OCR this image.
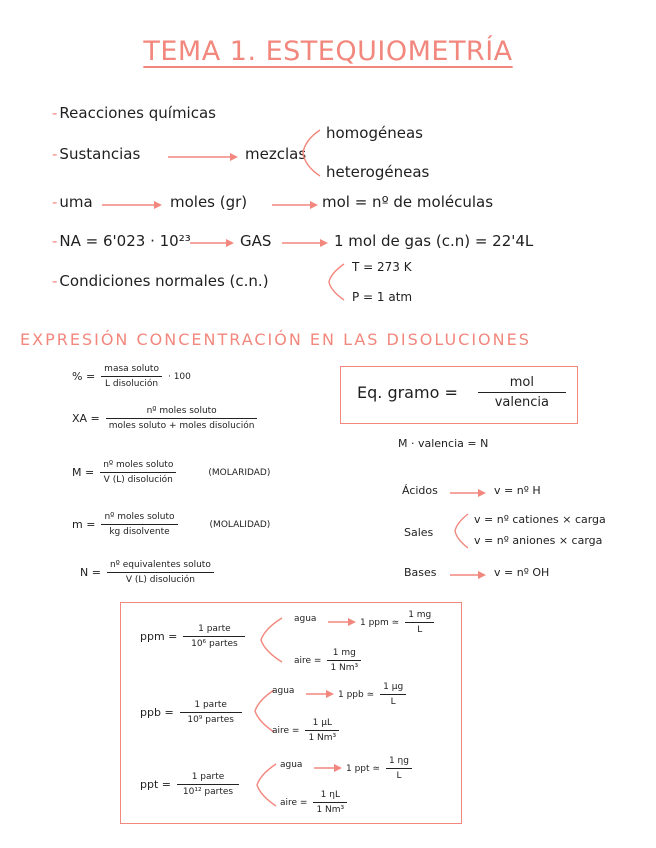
TEMA 1. ESTEQUIOMETRÍA
- Reacciones químicas
- Sustancias	mezclas
homogéneas
heterogéneas
- uma	moles (gr)	mol = nº de moléculas
- NA = 6'023 · 10²³	GAS	1 mol de gas (c.n) = 22'4L
- Condiciones normales (c.n.)
T = 273 K
P = 1 atm
EXPRESIÓN CONCENTRACIÓN EN LAS DISOLUCIONES
% = $\frac{\text{masa soluto}}{\text{L disolución}} \cdot 100$
XA = $\frac{\text{nº moles soluto}}{\text{moles soluto + moles disolución}}$
$M = \frac{\text{nº moles soluto}}{\text{V (L) disolución}}$	(MOLARIDAD)
$m = \frac{\text{nº moles soluto}}{\text{kg disolvente}}$	(MOLALIDAD)
$N = \frac{\text{nº equivalentes soluto}}{\text{V (L) disolución}}$
Eq. gramo = $\frac{\text{mol}}{\text{valencia}}$
M · valencia = N
Ácidos	v = nº H
Sales
v = nº cationes × carga
v = nº aniones × carga
Bases	v = nº OH
ppm = $\frac{\text{1 parte}}{\text{10⁶ partes}}$
agua	1 ppm ≃ $\frac{1 mg}{L}$
aire = $\frac{1 mg}{\text{1 Nm³}}$
ppb = $\frac{\text{1 parte}}{\text{10⁹ partes}}$
agua	1 ppb ≃ $\frac{1 \mu g}{L}$
aire = $\frac{1 \mu L}{\text{1 Nm³}}$
ppt = $\frac{\text{1 parte}}{\text{10¹² partes}}$
agua	1 ppt ≃ $\frac{1 \eta g}{L}$
aire = $\frac{1 \eta L}{\text{1 Nm³}}$
